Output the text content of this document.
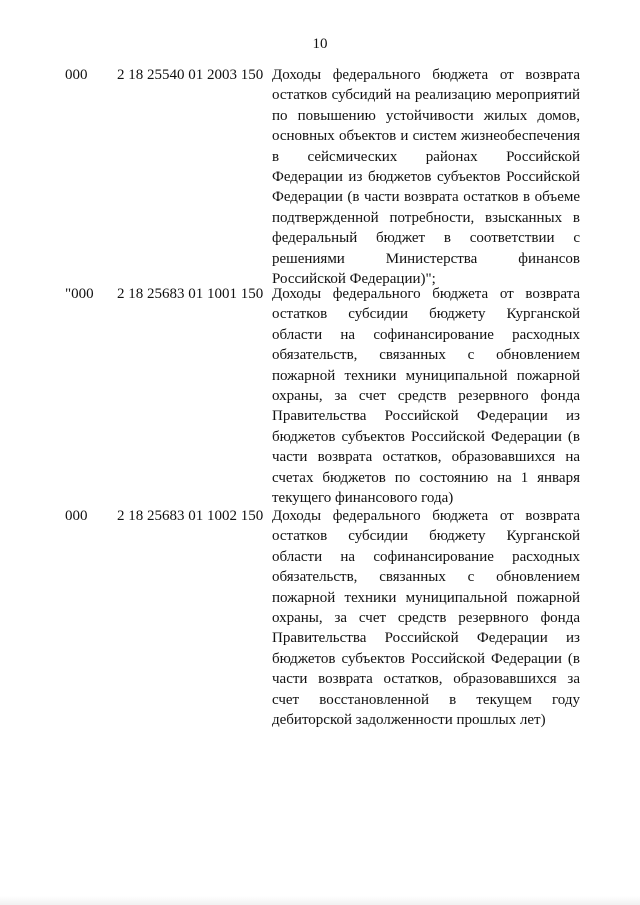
10
000 2 18 25540 01 2003 150 Доходы федерального бюджета от возврата остатков субсидий на реализацию мероприятий по повышению устойчивости жилых домов, основных объектов и систем жизнеобеспечения в сейсмических районах Российской Федерации из бюджетов субъектов Российской Федерации (в части возврата остатков в объеме подтвержденной потребности, взысканных в федеральный бюджет в соответствии с решениями Министерства финансов Российской Федерации)";
"000 2 18 25683 01 1001 150 Доходы федерального бюджета от возврата остатков субсидии бюджету Курганской области на софинансирование расходных обязательств, связанных с обновлением пожарной техники муниципальной пожарной охраны, за счет средств резервного фонда Правительства Российской Федерации из бюджетов субъектов Российской Федерации (в части возврата остатков, образовавшихся на счетах бюджетов по состоянию на 1 января текущего финансового года)
000 2 18 25683 01 1002 150 Доходы федерального бюджета от возврата остатков субсидии бюджету Курганской области на софинансирование расходных обязательств, связанных с обновлением пожарной техники муниципальной пожарной охраны, за счет средств резервного фонда Правительства Российской Федерации из бюджетов субъектов Российской Федерации (в части возврата остатков, образовавшихся за счет восстановленной в текущем году дебиторской задолженности прошлых лет)
